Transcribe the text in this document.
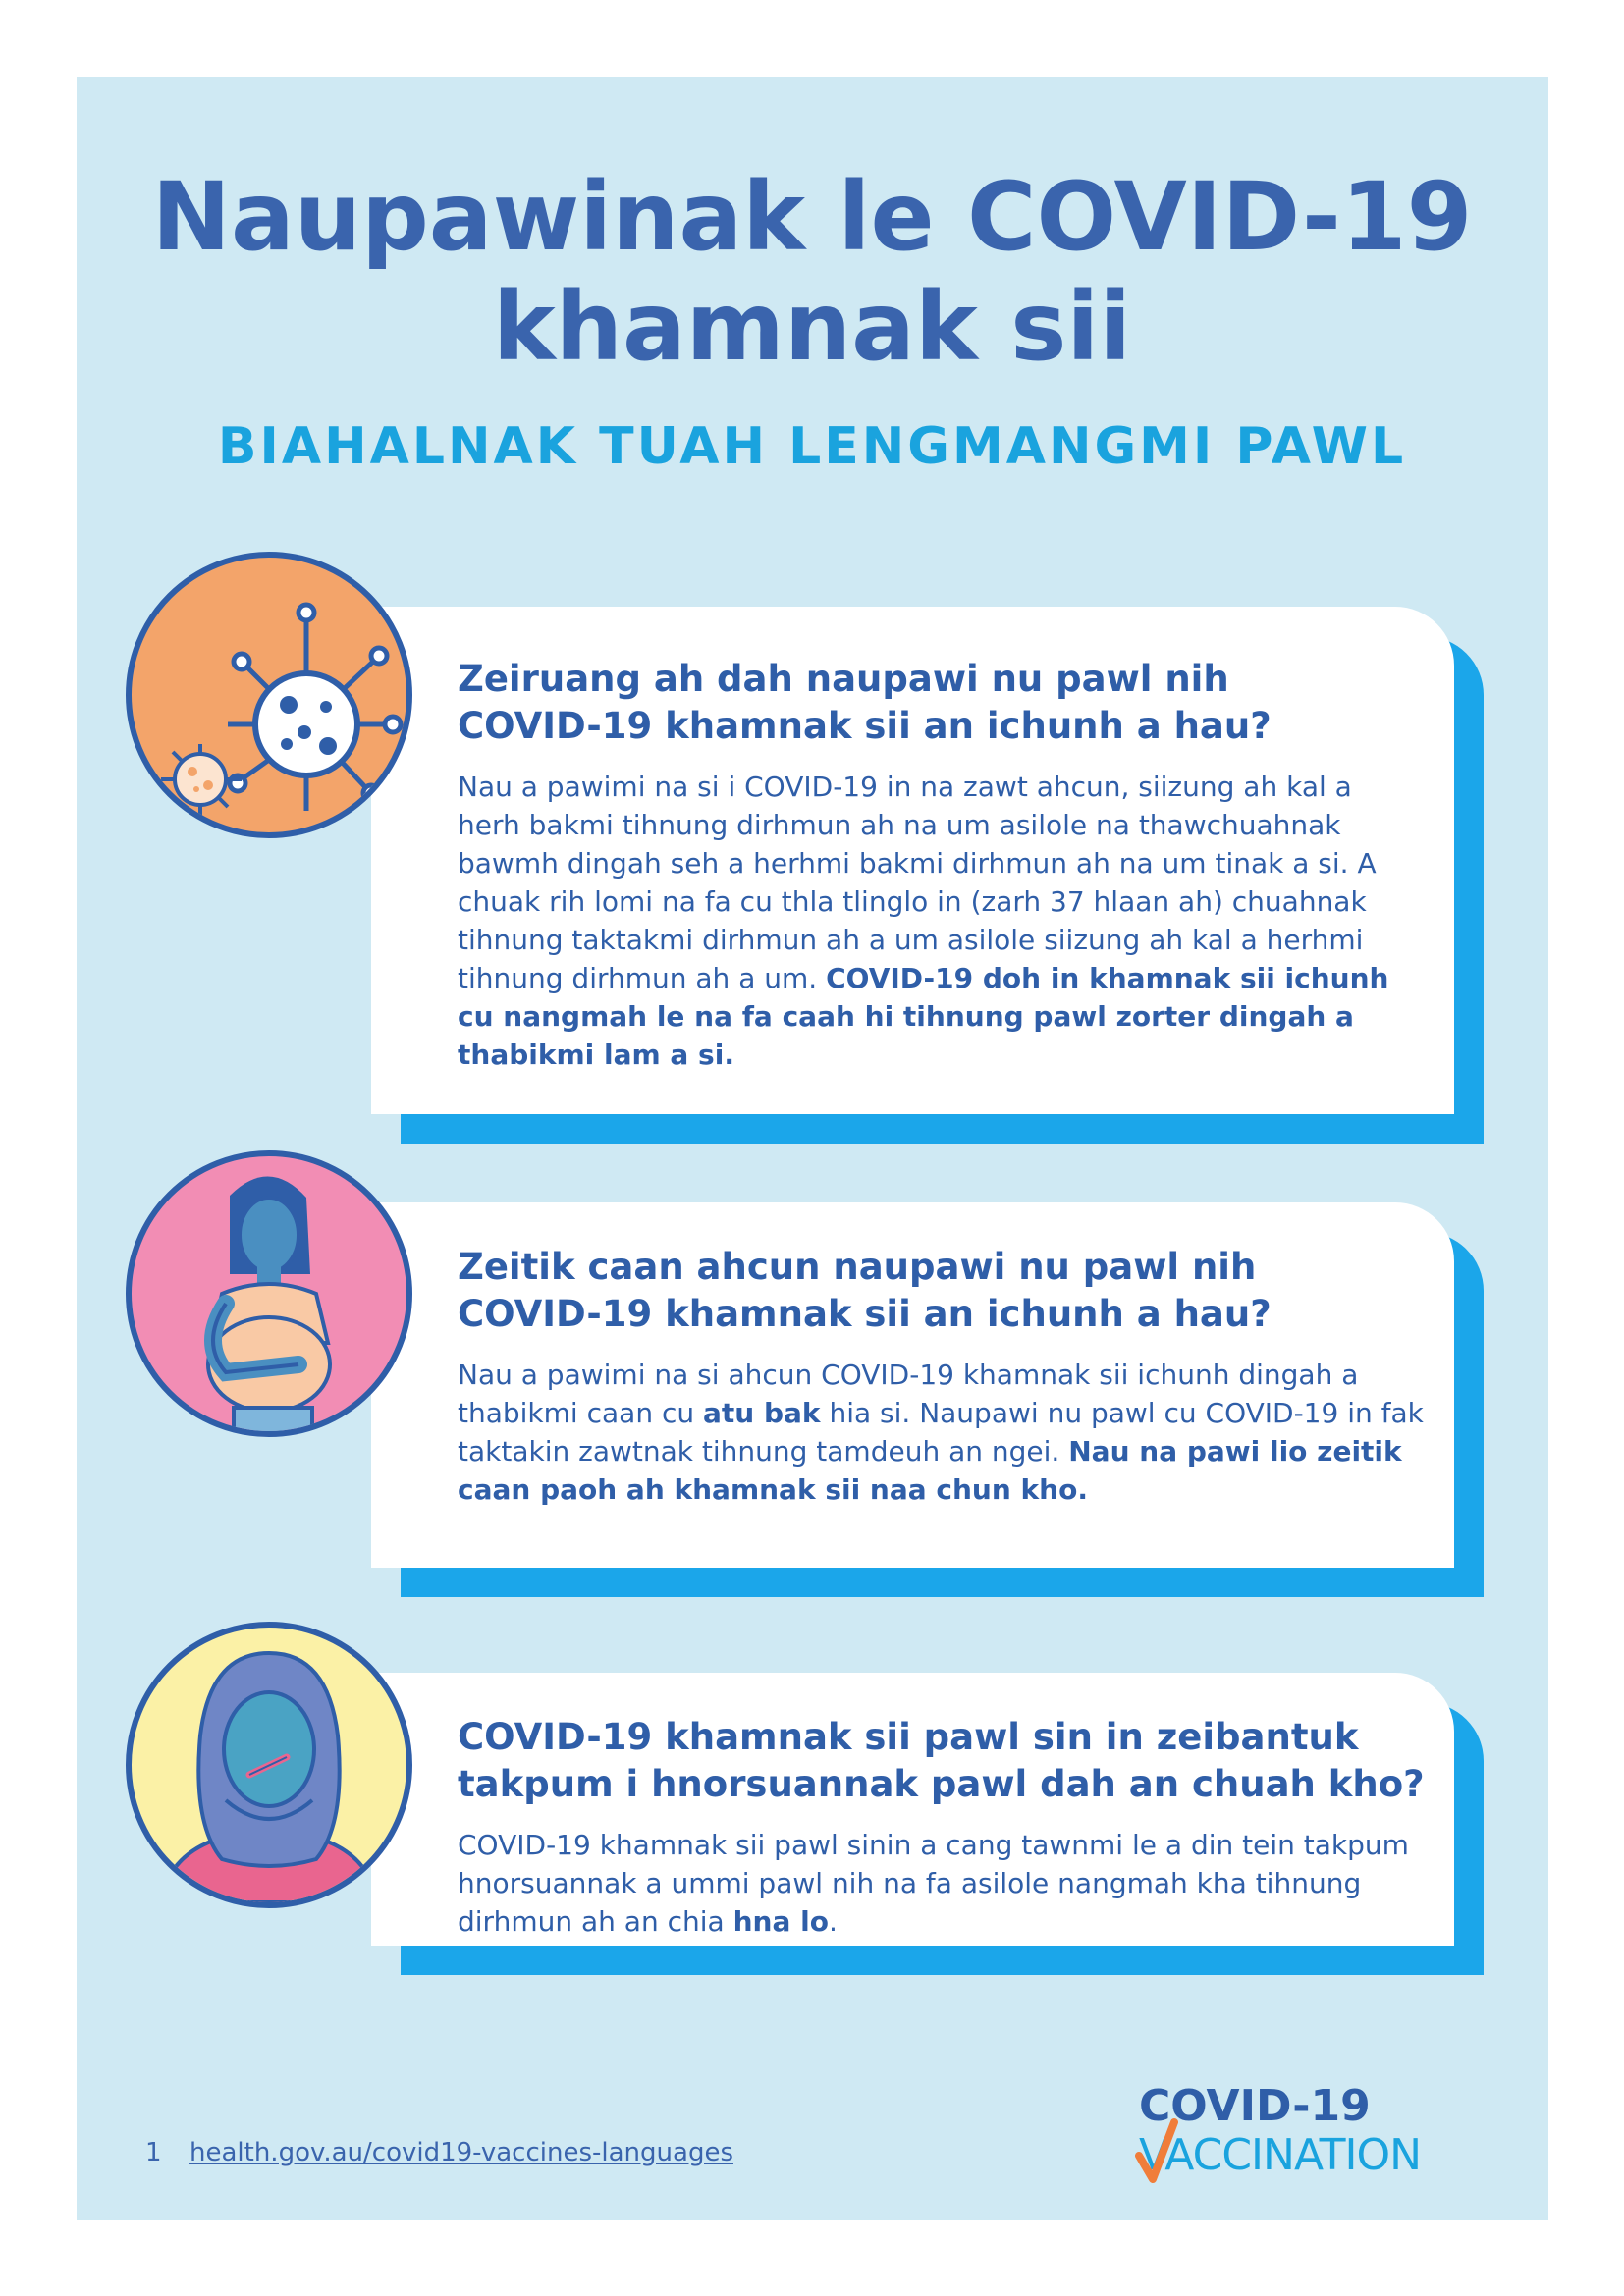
Naupawinak le COVID-19
khamnak sii
BIAHALNAK TUAH LENGMANGMI PAWL
Zeiruang ah dah naupawi nu pawl nih
COVID-19 khamnak sii an ichunh a hau?

Nau a pawimi na si i COVID-19 in na zawt ahcun, siizung ah kal a herh bakmi tihnung dirhmun ah na um asilole na thawchuahnak bawmh dingah seh a herhmi bakmi dirhmun ah na um tinak a si. A chuak rih lomi na fa cu thla tlinglo in (zarh 37 hlaan ah) chuahnak tihnung taktakmi dirhmun ah a um asilole siizung ah kal a herhmi tihnung dirhmun ah a um. COVID-19 doh in khamnak sii ichunh cu nangmah le na fa caah hi tihnung pawl zorter dingah a thabikmi lam a si.

Zeitik caan ahcun naupawi nu pawl nih
COVID-19 khamnak sii an ichunh a hau?

Nau a pawimi na si ahcun COVID-19 khamnak sii ichunh dingah a thabikmi caan cu atu bak hia si. Naupawi nu pawl cu COVID-19 in fak taktakin zawtnak tihnung tamdeuh an ngei. Nau na pawi lio zeitik caan paoh ah khamnak sii naa chun kho.

COVID-19 khamnak sii pawl sin in zeibantuk
takpum i hnorsuannak pawl dah an chuah kho?

COVID-19 khamnak sii pawl sinin a cang tawnmi le a din tein takpum hnorsuannak a ummi pawl nih na fa asilole nangmah kha tihnung dirhmun ah an chia hna lo.

1 health.gov.au/covid19-vaccines-languages
COVID-19
VACCINATION
